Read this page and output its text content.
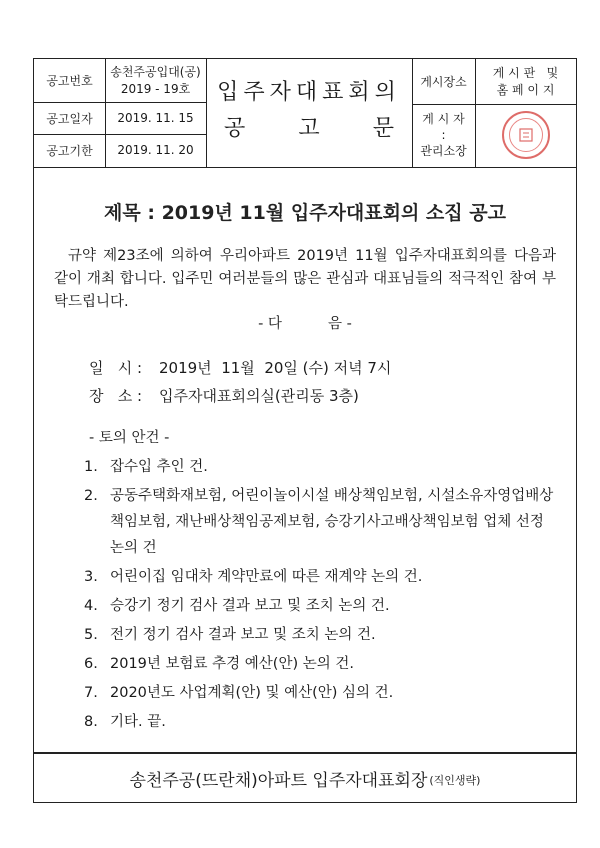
공고번호
송천주공입대(공)
2019 - 19호
공고일자	2019. 11. 15
공고기한	2019. 11. 20
입주자대표회의
공 고 문
게시장소
게 시 판   및
홈 페 이 지
게 시 자
:
관리소장
제목 : 2019년 11월 입주자대표회의 소집 공고
규약 제23조에 의하여 우리아파트 2019년 11월 입주자대표회의를 다음과 같이 개최 합니다. 입주민 여러분들의 많은 관심과 대표님들의 적극적인 참여 부탁드립니다.
- 다          음 -
일   시 : 2019년  11월  20일 (수) 저녁 7시
장   소 : 입주자대표회의실(관리동 3층)
- 토의 안건 -
1. 잡수입 추인 건.
2. 공동주택화재보험, 어린이놀이시설 배상책임보험, 시설소유자영업배상책임보험, 재난배상책임공제보험, 승강기사고배상책임보험 업체 선정 논의 건
3. 어린이집 임대차 계약만료에 따른 재계약 논의 건.
4. 승강기 정기 검사 결과 보고 및 조치 논의 건.
5. 전기 정기 검사 결과 보고 및 조치 논의 건.
6. 2019년 보험료 추경 예산(안) 논의 건.
7. 2020년도 사업계획(안) 및 예산(안) 심의 건.
8. 기타. 끝.
송천주공(뜨란채)아파트 입주자대표회장 (직인생략)
